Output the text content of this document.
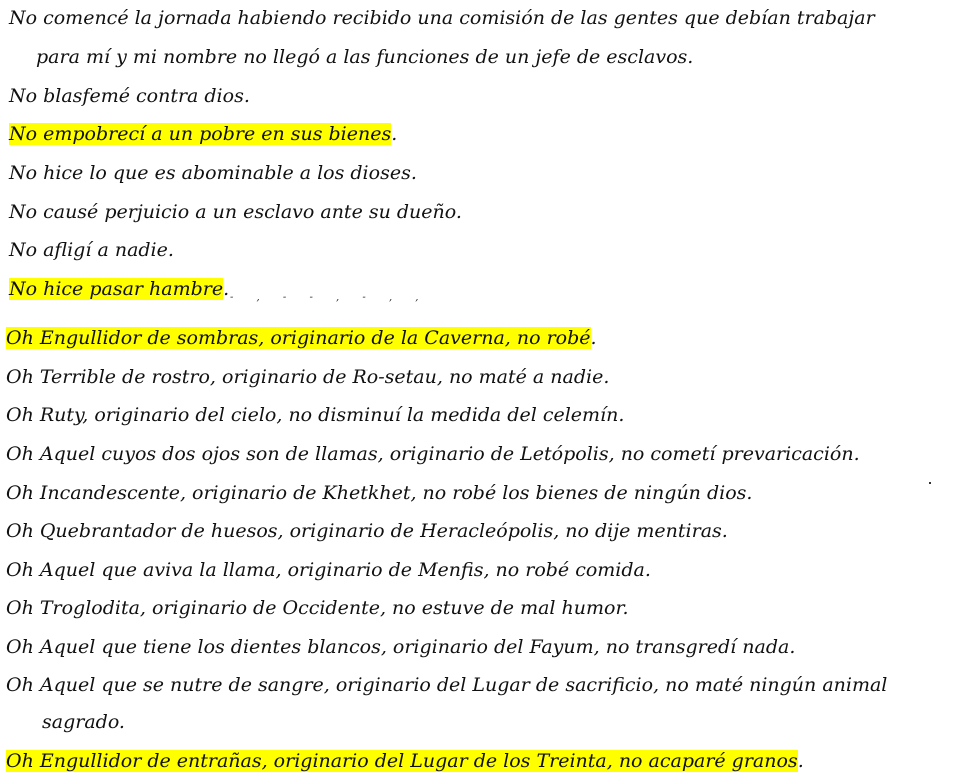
No comencé la jornada habiendo recibido una comisión de las gentes que debían trabajar
para mí y mi nombre no llegó a las funciones de un jefe de esclavos.
No blasfemé contra dios.
No empobrecí a un pobre en sus bienes.
No hice lo que es abominable a los dioses.
No causé perjuicio a un esclavo ante su dueño.
No afligí a nadie.
No hice pasar hambre. - , - - , - , ,
Oh Engullidor de sombras, originario de la Caverna, no robé.
Oh Terrible de rostro, originario de Ro-setau, no maté a nadie.
Oh Ruty, originario del cielo, no disminuí la medida del celemín.
Oh Aquel cuyos dos ojos son de llamas, originario de Letópolis, no cometí prevaricación.
Oh Incandescente, originario de Khetkhet, no robé los bienes de ningún dios.
Oh Quebrantador de huesos, originario de Heracleópolis, no dije mentiras.
Oh Aquel que aviva la llama, originario de Menfis, no robé comida.
Oh Troglodita, originario de Occidente, no estuve de mal humor.
Oh Aquel que tiene los dientes blancos, originario del Fayum, no transgredí nada.
Oh Aquel que se nutre de sangre, originario del Lugar de sacrificio, no maté ningún animal
sagrado.
Oh Engullidor de entrañas, originario del Lugar de los Treinta, no acaparé granos.
